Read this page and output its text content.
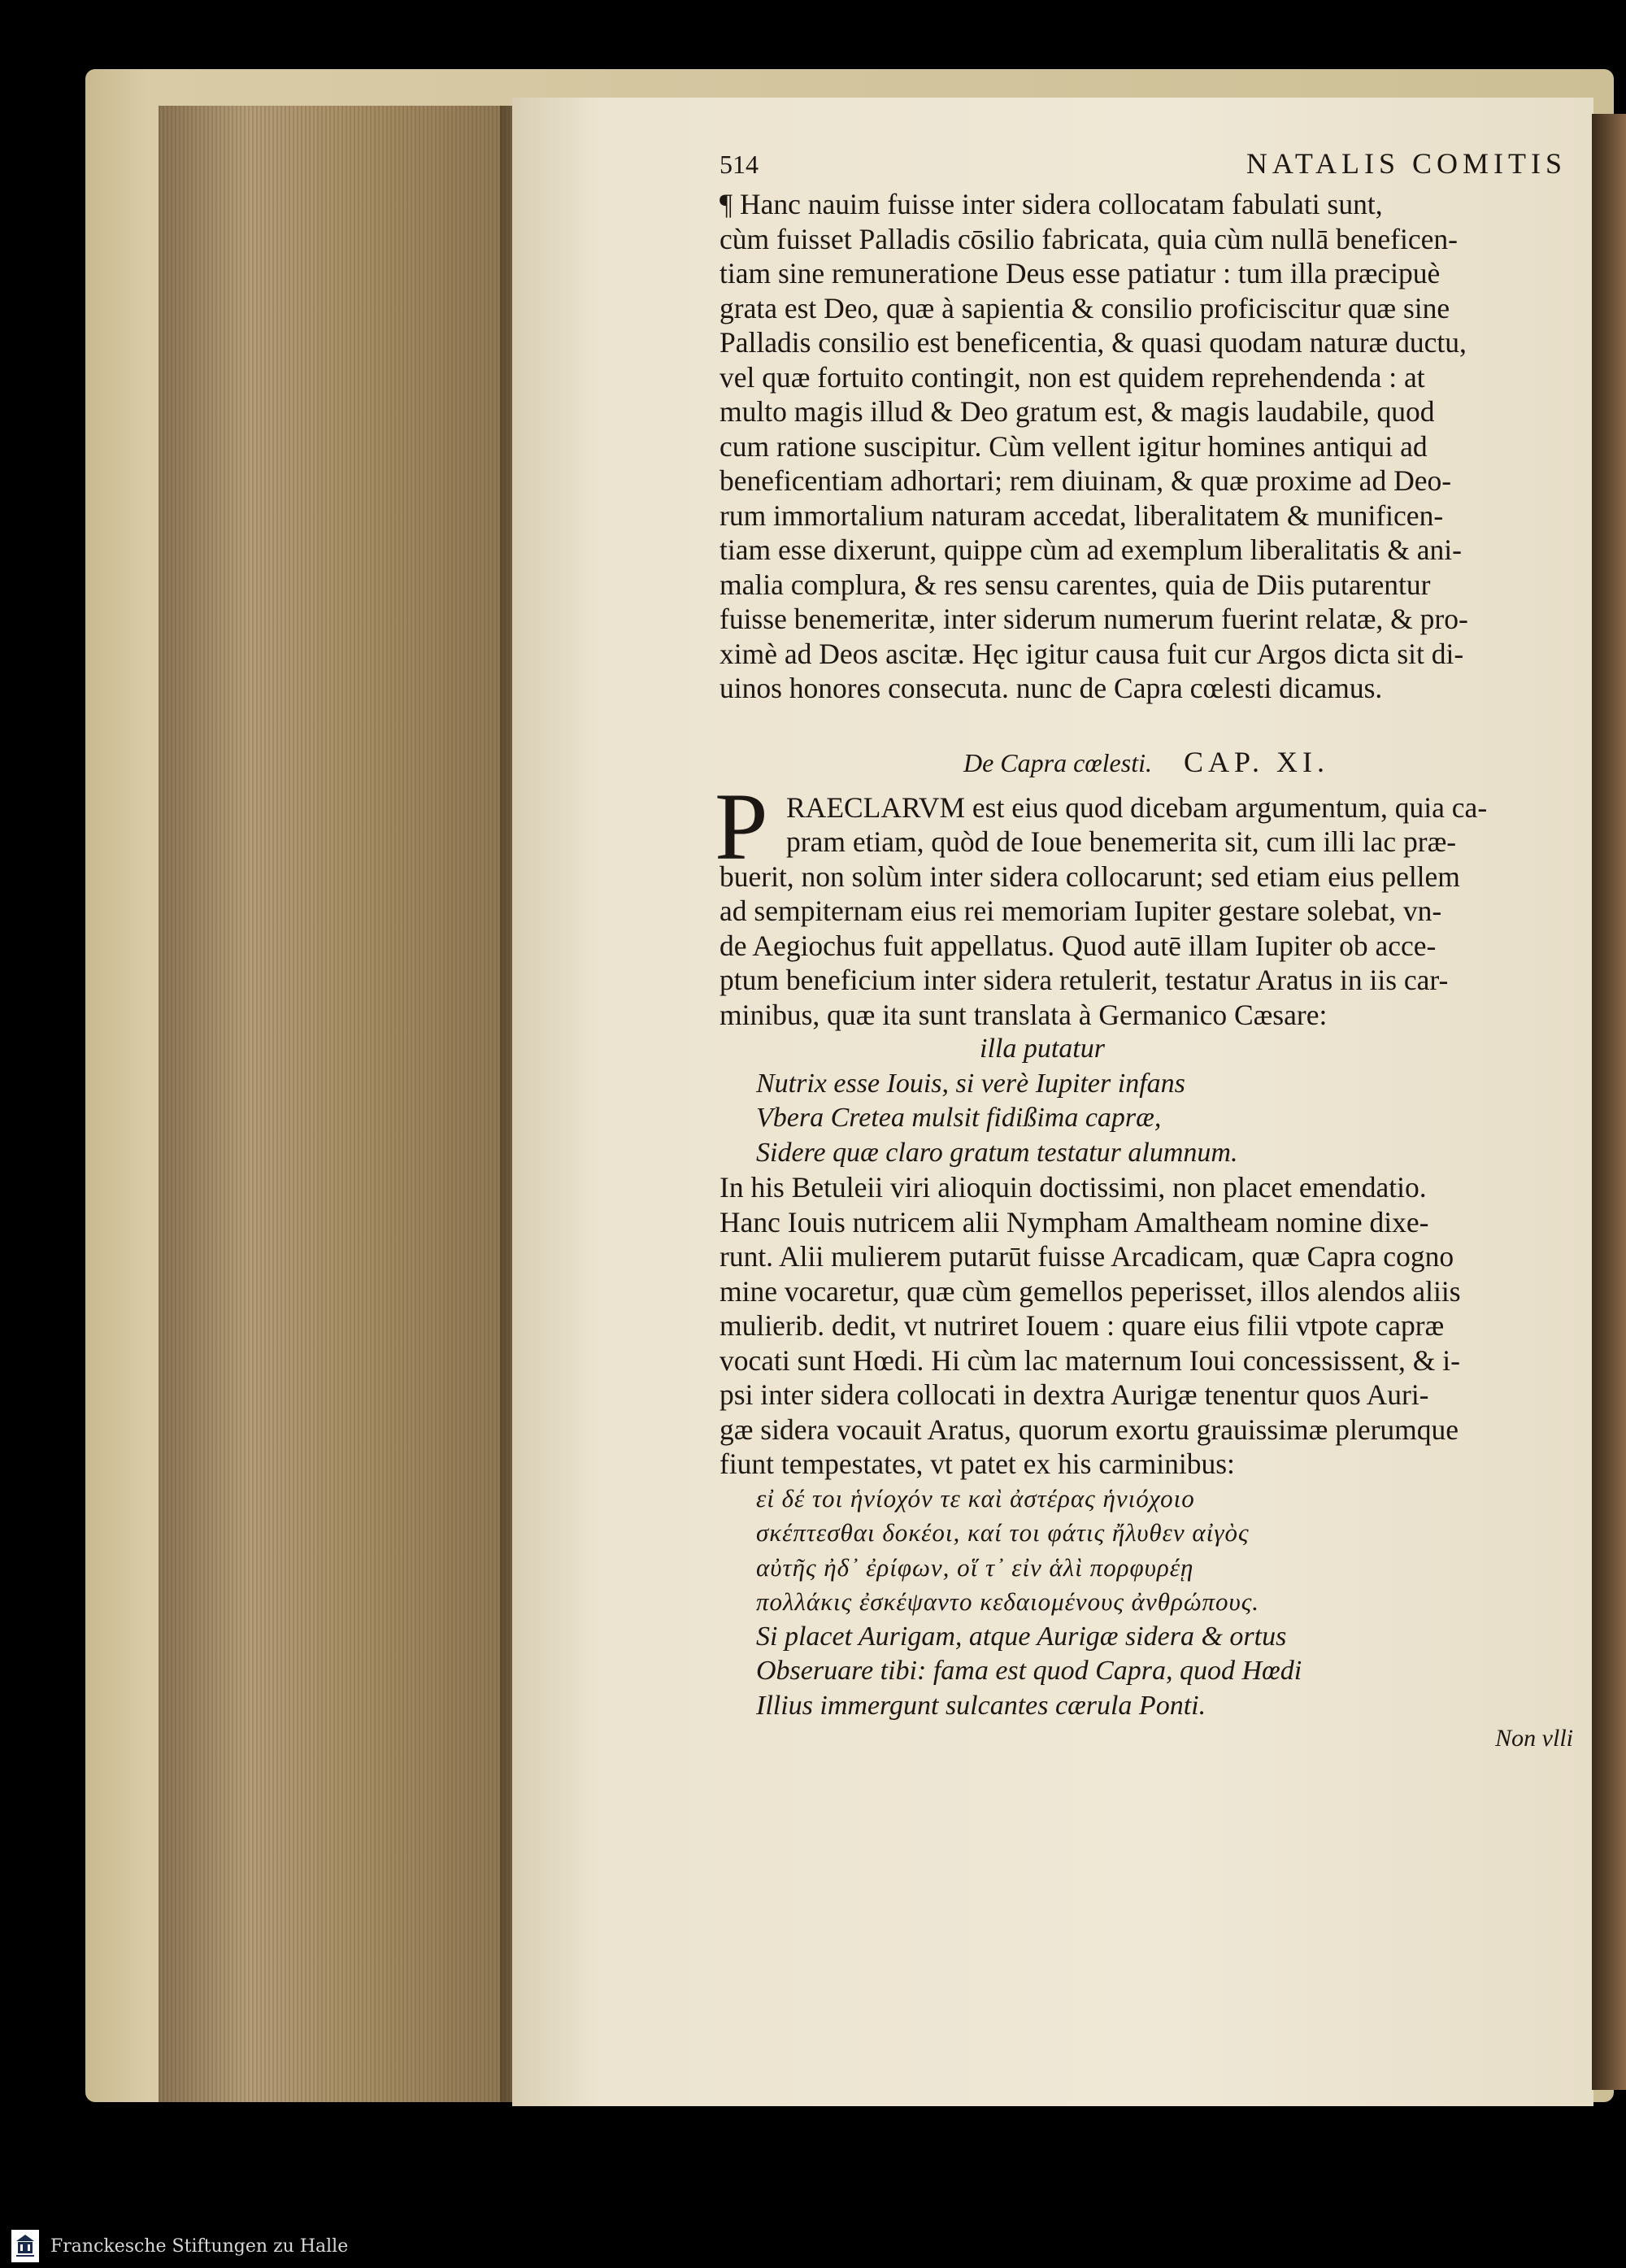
514	NATALIS COMITIS
¶ Hanc nauim fuisse inter sidera collocatam fabulati sunt,
cùm fuisset Palladis cōsilio fabricata, quia cùm nullā beneficen-
tiam sine remuneratione Deus esse patiatur : tum illa præcipuè
grata est Deo, quæ à sapientia & consilio proficiscitur quæ sine
Palladis consilio est beneficentia, & quasi quodam naturæ ductu,
vel quæ fortuito contingit, non est quidem reprehendenda : at
multo magis illud & Deo gratum est, & magis laudabile, quod
cum ratione suscipitur. Cùm vellent igitur homines antiqui ad
beneficentiam adhortari; rem diuinam, & quæ proxime ad Deo-
rum immortalium naturam accedat, liberalitatem & munificen-
tiam esse dixerunt, quippe cùm ad exemplum liberalitatis & ani-
malia complura, & res sensu carentes, quia de Diis putarentur
fuisse benemeritæ, inter siderum numerum fuerint relatæ, & pro-
ximè ad Deos ascitæ. Hęc igitur causa fuit cur Argos dicta sit di-
uinos honores consecuta. nunc de Capra cœlesti dicamus.
De Capra cœlesti. CAP. XI.
P RAECLARVM est eius quod dicebam argumentum, quia ca-
pram etiam, quòd de Ioue benemerita sit, cum illi lac præ-
buerit, non solùm inter sidera collocarunt; sed etiam eius pellem
ad sempiternam eius rei memoriam Iupiter gestare solebat, vn-
de Aegiochus fuit appellatus. Quod autē illam Iupiter ob acce-
ptum beneficium inter sidera retulerit, testatur Aratus in iis car-
minibus, quæ ita sunt translata à Germanico Cæsare:
illa putatur
Nutrix esse Iouis, si verè Iupiter infans
Vbera Cretea mulsit fidißima capræ,
Sidere quæ claro gratum testatur alumnum.
In his Betuleii viri alioquin doctissimi, non placet emendatio.
Hanc Iouis nutricem alii Nympham Amaltheam nomine dixe-
runt. Alii mulierem putarūt fuisse Arcadicam, quæ Capra cogno
mine vocaretur, quæ cùm gemellos peperisset, illos alendos aliis
mulierib. dedit, vt nutriret Iouem : quare eius filii vtpote capræ
vocati sunt Hœdi. Hi cùm lac maternum Ioui concessissent, & i-
psi inter sidera collocati in dextra Aurigæ tenentur quos Auri-
gæ sidera vocauit Aratus, quorum exortu grauissimæ plerumque
fiunt tempestates, vt patet ex his carminibus:
εἰ δέ τοι ἡνίοχόν τε καὶ ἀστέρας ἡνιόχοιο
σκέπτεσθαι δοκέοι, καί τοι φάτις ἤλυθεν αἰγὸς
αὐτῆς ἠδ᾽ ἐρίφων, οἵ τ᾽ εἰν ἁλὶ πορφυρέῃ
πολλάκις ἐσκέψαντο κεδαιομένους ἀνθρώπους.
Si placet Aurigam, atque Aurigæ sidera & ortus
Obseruare tibi: fama est quod Capra, quod Hœdi
Illius immergunt sulcantes cærula Ponti.
Non vlli
Franckesche Stiftungen zu Halle
